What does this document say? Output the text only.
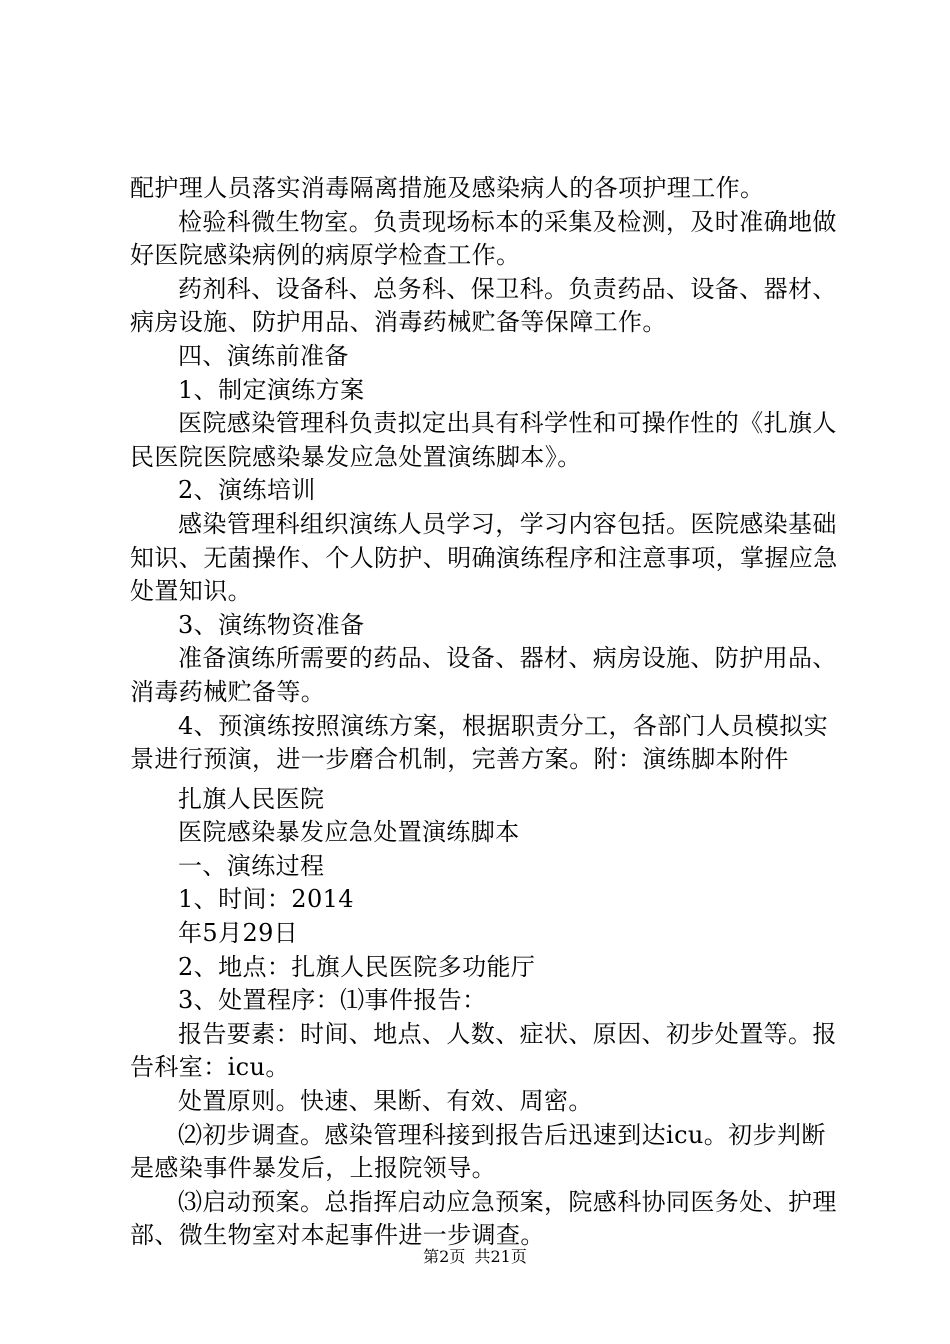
配护理人员落实消毒隔离措施及感染病人的各项护理工作。

检验科微生物室。负责现场标本的采集及检测，及时准确地做好医院感染病例的病原学检查工作。

药剂科、设备科、总务科、保卫科。负责药品、设备、器材、病房设施、防护用品、消毒药械贮备等保障工作。

四、演练前准备

1、制定演练方案

医院感染管理科负责拟定出具有科学性和可操作性的《扎旗人民医院医院感染暴发应急处置演练脚本》。

2、演练培训

感染管理科组织演练人员学习，学习内容包括。医院感染基础知识、无菌操作、个人防护、明确演练程序和注意事项，掌握应急处置知识。

3、演练物资准备

准备演练所需要的药品、设备、器材、病房设施、防护用品、消毒药械贮备等。

4、预演练按照演练方案，根据职责分工，各部门人员模拟实景进行预演，进一步磨合机制，完善方案。附：演练脚本附件

扎旗人民医院

医院感染暴发应急处置演练脚本

一、演练过程

1、时间：2014

年5月29日

2、地点：扎旗人民医院多功能厅

3、处置程序：⑴事件报告：

报告要素：时间、地点、人数、症状、原因、初步处置等。报告科室：icu。

处置原则。快速、果断、有效、周密。

⑵初步调查。感染管理科接到报告后迅速到达icu。初步判断是感染事件暴发后，上报院领导。

⑶启动预案。总指挥启动应急预案，院感科协同医务处、护理部、微生物室对本起事件进一步调查。

第2页 共21页
